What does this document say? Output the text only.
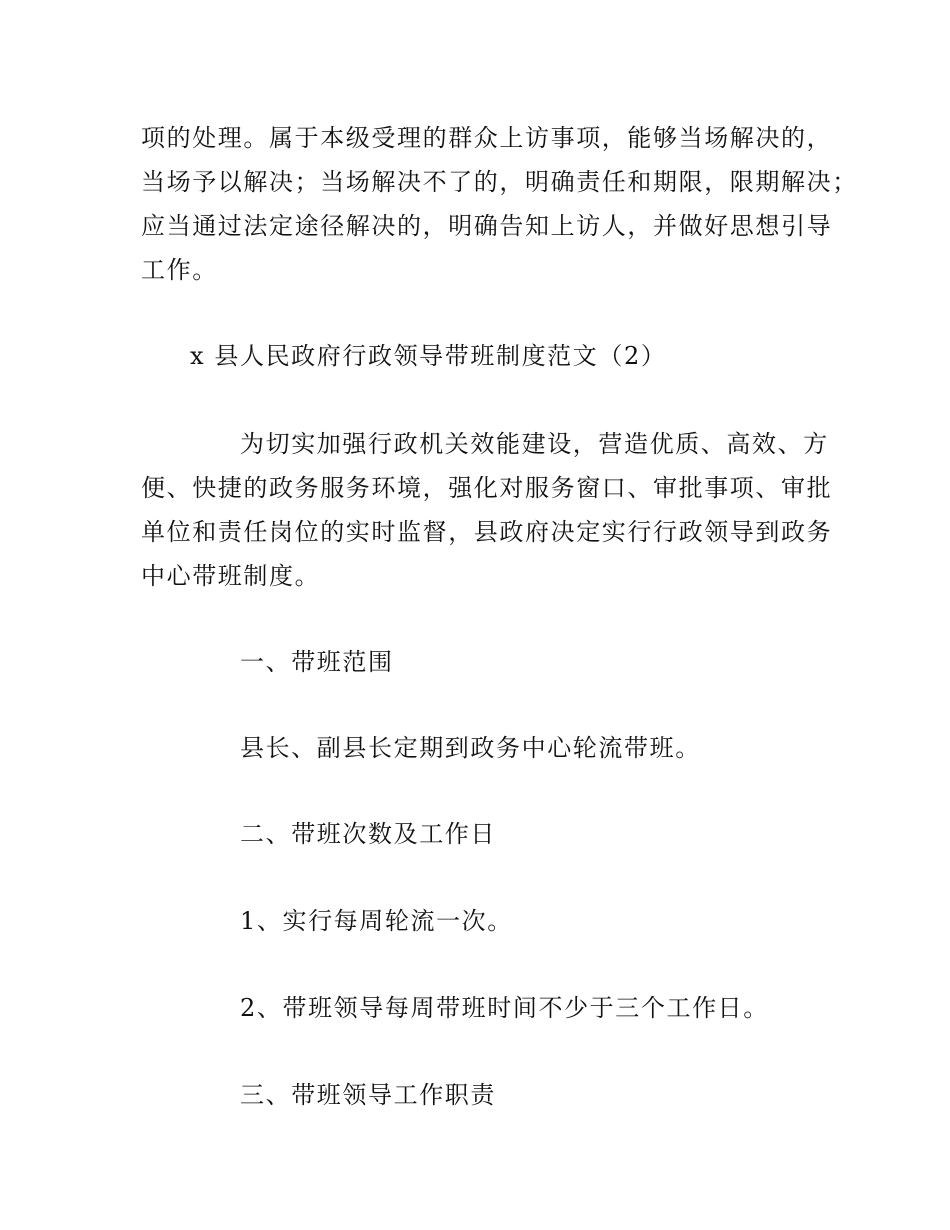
项的处理。属于本级受理的群众上访事项，能够当场解决的，
当场予以解决；当场解决不了的，明确责任和期限，限期解决；
应当通过法定途径解决的，明确告知上访人，并做好思想引导
工作。
x 县人民政府行政领导带班制度范文（2）
为切实加强行政机关效能建设，营造优质、高效、方
便、快捷的政务服务环境，强化对服务窗口、审批事项、审批
单位和责任岗位的实时监督，县政府决定实行行政领导到政务
中心带班制度。
一、带班范围
县长、副县长定期到政务中心轮流带班。
二、带班次数及工作日
1、实行每周轮流一次。
2、带班领导每周带班时间不少于三个工作日。
三、带班领导工作职责
